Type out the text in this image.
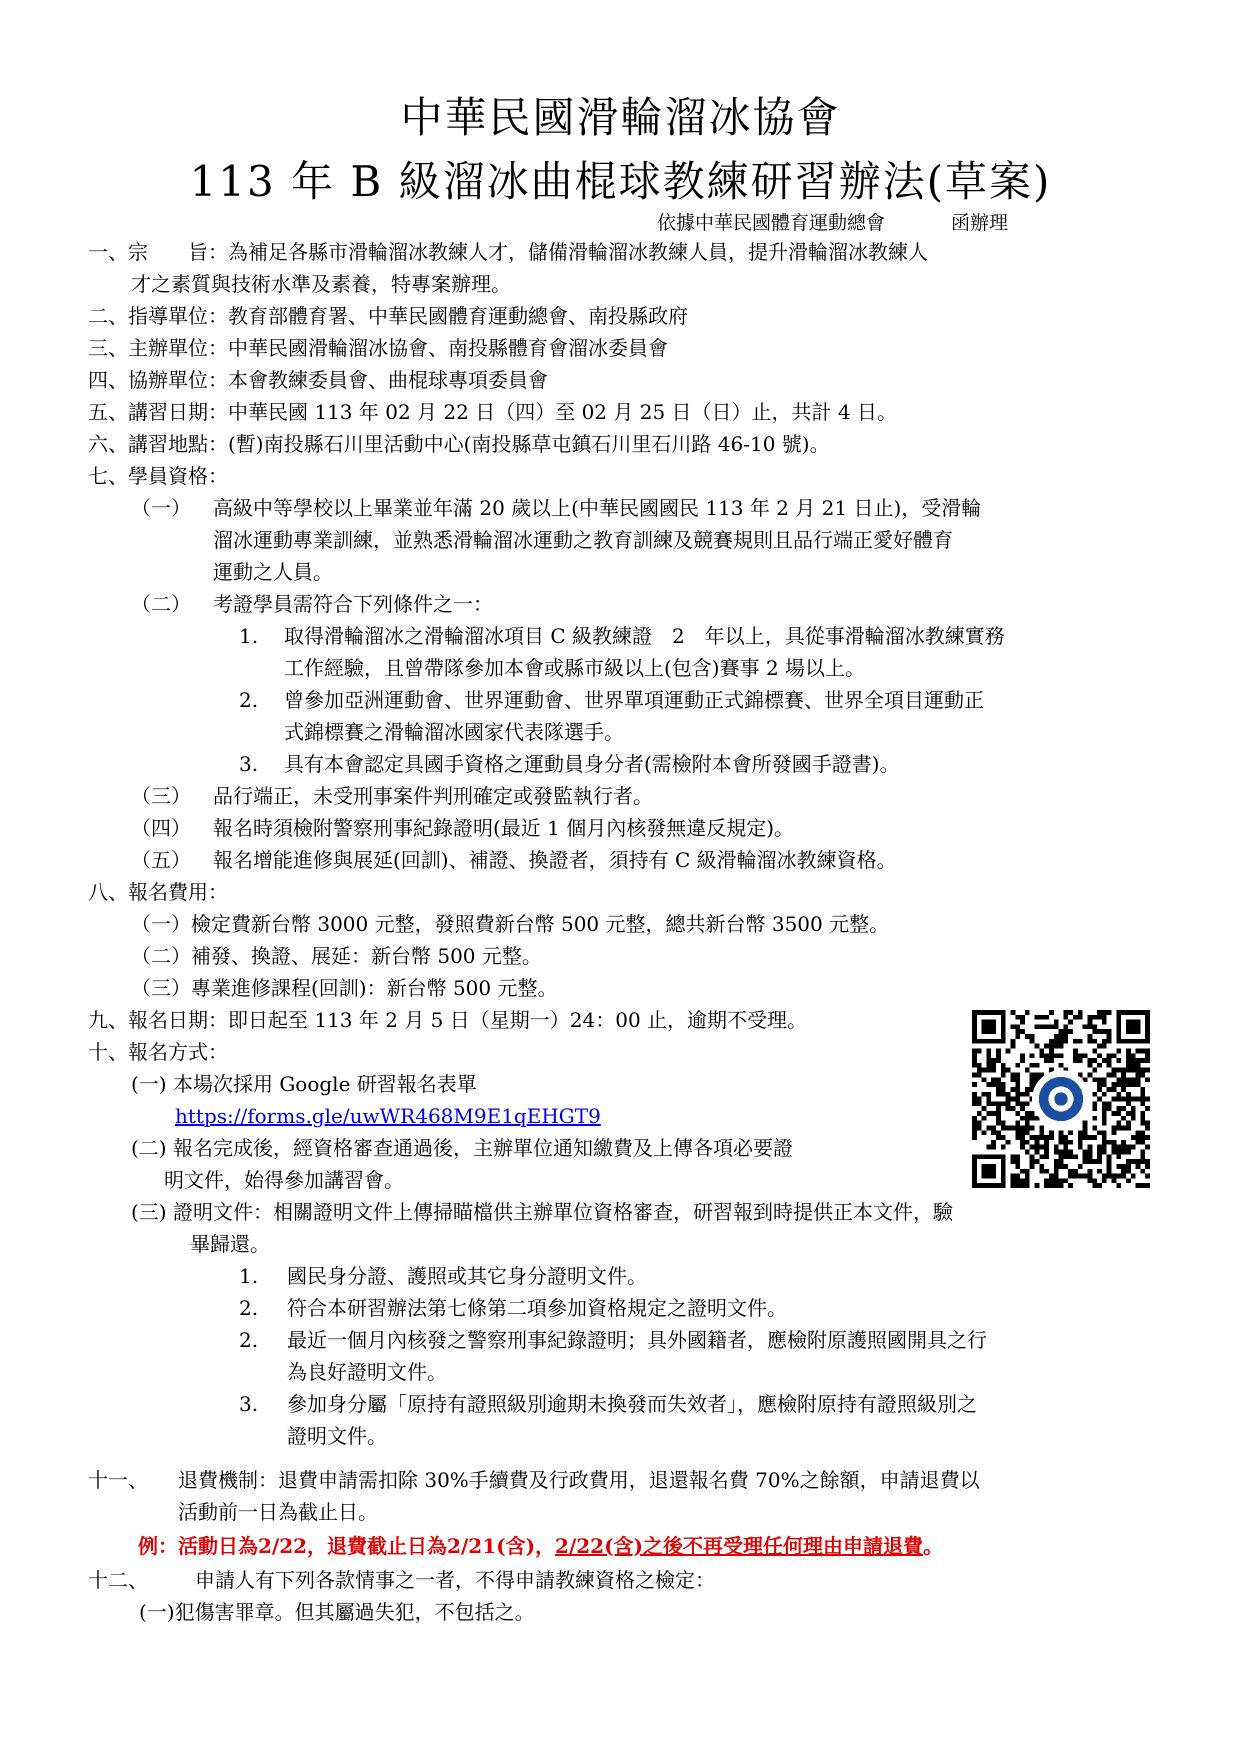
中華民國滑輪溜冰協會
113 年 B 級溜冰曲棍球教練研習辦法(草案)
依據中華民國體育運動總會	函辦理
一、宗　　旨：為補足各縣市滑輪溜冰教練人才，儲備滑輪溜冰教練人員，提升滑輪溜冰教練人
才之素質與技術水準及素養，特專案辦理。
二、指導單位：教育部體育署、中華民國體育運動總會、南投縣政府
三、主辦單位：中華民國滑輪溜冰協會、南投縣體育會溜冰委員會
四、協辦單位：本會教練委員會、曲棍球專項委員會
五、講習日期：中華民國 113 年 02 月 22 日（四）至 02 月 25 日（日）止，共計 4 日。
六、講習地點：(暫)南投縣石川里活動中心(南投縣草屯鎮石川里石川路 46-10 號)。
七、學員資格：
（一） 高級中等學校以上畢業並年滿 20 歲以上(中華民國國民 113 年 2 月 21 日止)，受滑輪
溜冰運動專業訓練，並熟悉滑輪溜冰運動之教育訓練及競賽規則且品行端正愛好體育
運動之人員。
（二） 考證學員需符合下列條件之一：
1. 取得滑輪溜冰之滑輪溜冰項目 C 級教練證　2　年以上，具從事滑輪溜冰教練實務
工作經驗，且曾帶隊參加本會或縣市級以上(包含)賽事 2 場以上。
2. 曾參加亞洲運動會、世界運動會、世界單項運動正式錦標賽、世界全項目運動正
式錦標賽之滑輪溜冰國家代表隊選手。
3. 具有本會認定具國手資格之運動員身分者(需檢附本會所發國手證書)。
（三） 品行端正，未受刑事案件判刑確定或發監執行者。
（四） 報名時須檢附警察刑事紀錄證明(最近 1 個月內核發無違反規定)。
（五） 報名增能進修與展延(回訓)、補證、換證者，須持有 C 級滑輪溜冰教練資格。
八、報名費用：
（一）檢定費新台幣 3000 元整，發照費新台幣 500 元整，總共新台幣 3500 元整。
（二）補發、換證、展延：新台幣 500 元整。
（三）專業進修課程(回訓)：新台幣 500 元整。
九、報名日期：即日起至 113 年 2 月 5 日（星期一）24：00 止，逾期不受理。
十、報名方式：
(一) 本場次採用 Google 研習報名表單
https://forms.gle/uwWR468M9E1qEHGT9
(二) 報名完成後，經資格審查通過後，主辦單位通知繳費及上傳各項必要證
明文件，始得參加講習會。
(三) 證明文件：相關證明文件上傳掃瞄檔供主辦單位資格審查，研習報到時提供正本文件，驗
畢歸還。
1. 國民身分證、護照或其它身分證明文件。
2. 符合本研習辦法第七條第二項參加資格規定之證明文件。
2. 最近一個月內核發之警察刑事紀錄證明；具外國籍者，應檢附原護照國開具之行
為良好證明文件。
3. 參加身分屬「原持有證照級別逾期未換發而失效者」，應檢附原持有證照級別之
證明文件。
十一、 退費機制：退費申請需扣除 30%手續費及行政費用，退還報名費 70%之餘額，申請退費以
活動前一日為截止日。
例：活動日為2/22，退費截止日為2/21(含)，2/22(含)之後不再受理任何理由申請退費。
十二、 申請人有下列各款情事之一者，不得申請教練資格之檢定：
(一)犯傷害罪章。但其屬過失犯，不包括之。
